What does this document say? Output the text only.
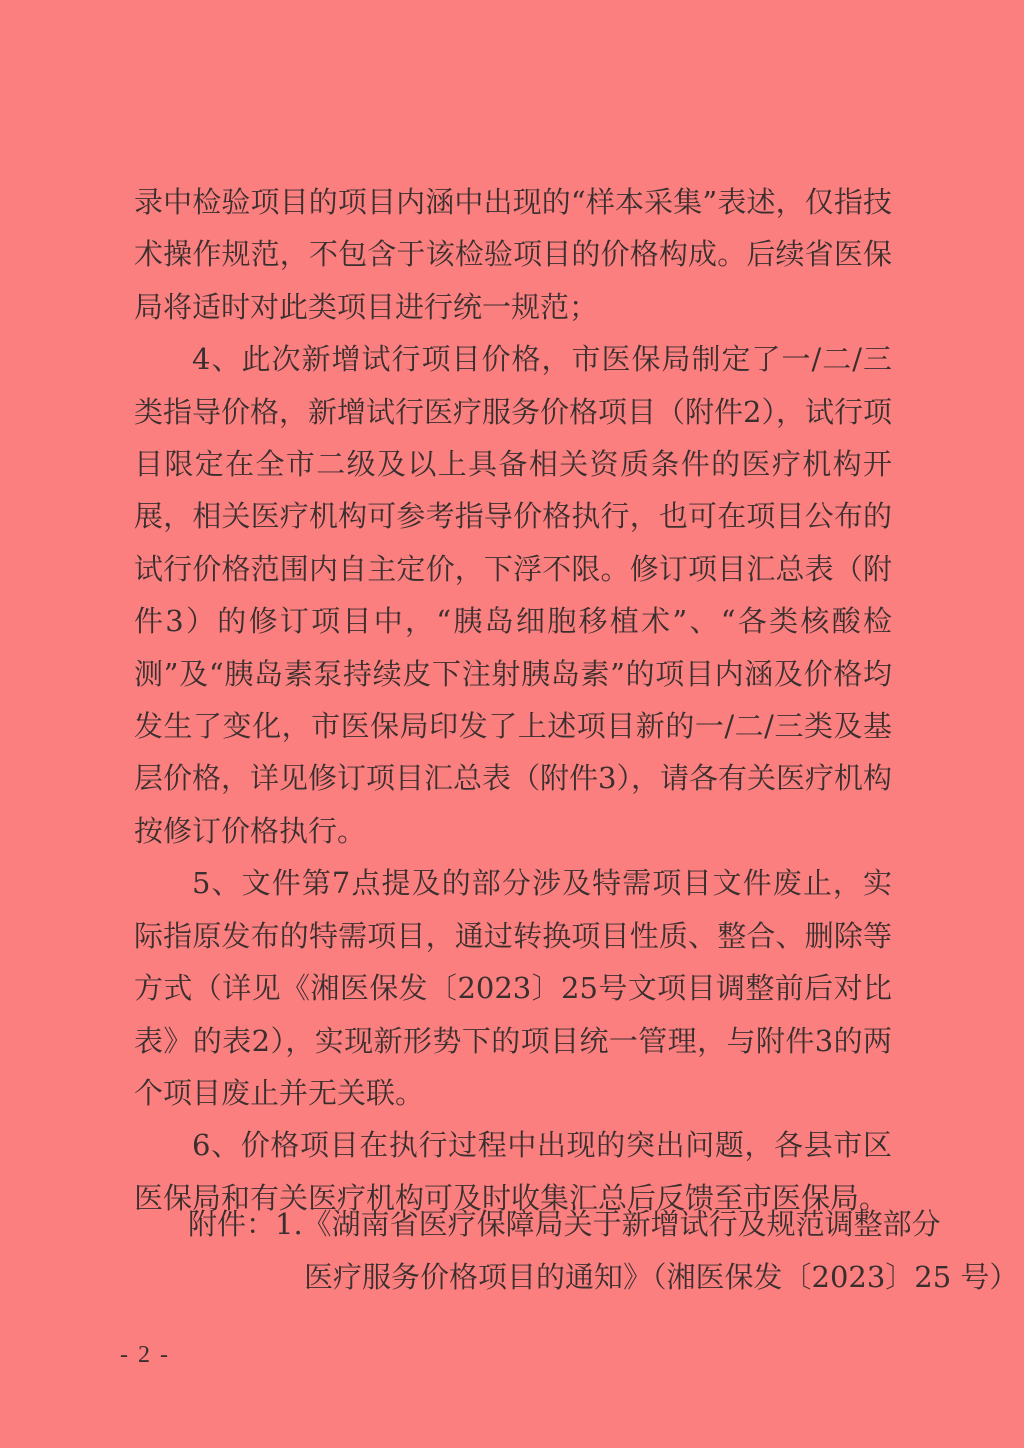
录中检验项目的项目内涵中出现的“样本采集”表述，仅指技术操作规范，不包含于该检验项目的价格构成。后续省医保局将适时对此类项目进行统一规范；

4、此次新增试行项目价格，市医保局制定了一/二/三类指导价格，新增试行医疗服务价格项目（附件2），试行项目限定在全市二级及以上具备相关资质条件的医疗机构开展，相关医疗机构可参考指导价格执行，也可在项目公布的试行价格范围内自主定价，下浮不限。修订项目汇总表（附件3）的修订项目中，“胰岛细胞移植术”、“各类核酸检测”及“胰岛素泵持续皮下注射胰岛素”的项目内涵及价格均发生了变化，市医保局印发了上述项目新的一/二/三类及基层价格，详见修订项目汇总表（附件3），请各有关医疗机构按修订价格执行。

5、文件第7点提及的部分涉及特需项目文件废止，实际指原发布的特需项目，通过转换项目性质、整合、删除等方式（详见《湘医保发〔2023〕25号文项目调整前后对比表》的表2），实现新形势下的项目统一管理，与附件3的两个项目废止并无关联。

6、价格项目在执行过程中出现的突出问题，各县市区医保局和有关医疗机构可及时收集汇总后反馈至市医保局。

附件：1.《湖南省医疗保障局关于新增试行及规范调整部分
医疗服务价格项目的通知》（湘医保发〔2023〕25 号）
- 2 -
